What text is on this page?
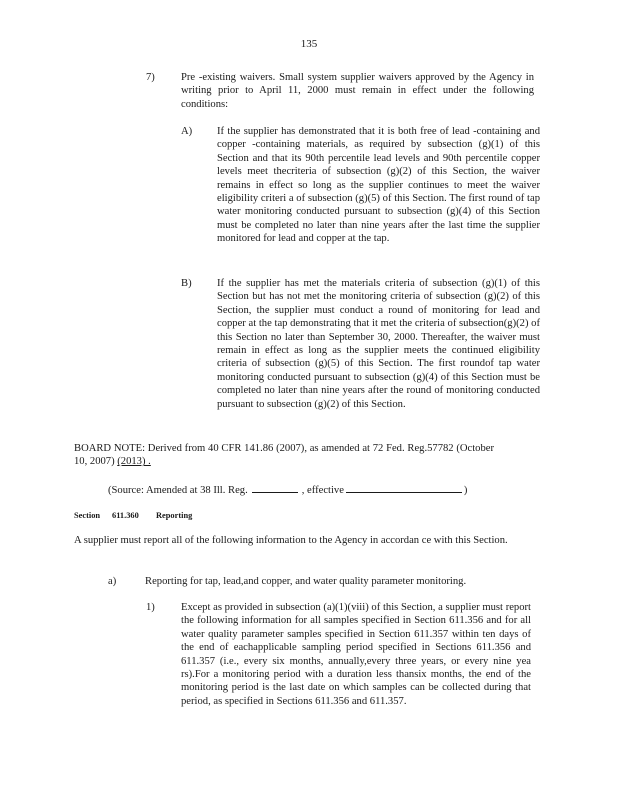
135
7) Pre -existing waivers. Small system supplier waivers approved by the Agency in writing prior to April 11, 2000 must remain in effect under the following conditions:
A) If the supplier has demonstrated that it is both free of lead -containing and copper -containing materials, as required by subsection (g)(1) of this Section and that its 90th percentile lead levels and 90th percentile copper levels meet thecriteria of subsection (g)(2) of this Section, the waiver remains in effect so long as the supplier continues to meet the waiver eligibility criteri a of subsection (g)(5) of this Section. The first round of tap water monitoring conducted pursuant to subsection (g)(4) of this Section must be completed no later than nine years after the last time the supplier monitored for lead and copper at the tap.
B) If the supplier has met the materials criteria of subsection (g)(1) of this Section but has not met the monitoring criteria of subsection (g)(2) of this Section, the supplier must conduct a round of monitoring for lead and copper at the tap demonstrating that it met the criteria of subsection(g)(2) of this Section no later than September 30, 2000. Thereafter, the waiver must remain in effect as long as the supplier meets the continued eligibility criteria of subsection (g)(5) of this Section. The first roundof tap water monitoring conducted pursuant to subsection (g)(4) of this Section must be completed no later than nine years after the round of monitoring conducted pursuant to subsection (g)(2) of this Section.
BOARD NOTE: Derived from 40 CFR 141.86 (2007), as amended at 72 Fed. Reg.57782 (October 10, 2007) (2013) .
(Source: Amended at 38 Ill. Reg.	, effective	)
Section 611.360 Reporting
A supplier must report all of the following information to the Agency in accordan ce with this Section.
a)	Reporting for tap, lead,and copper, and water quality parameter monitoring.
1) Except as provided in subsection (a)(1)(viii) of this Section, a supplier must report the following information for all samples specified in Section 611.356 and for all water quality parameter samples specified in Section 611.357 within ten days of the end of eachapplicable sampling period specified in Sections 611.356 and 611.357 (i.e., every six months, annually,every three years, or every nine yea rs).For a monitoring period with a duration less thansix months, the end of the monitoring period is the last date on which samples can be collected during that period, as specified in Sections 611.356 and 611.357.
